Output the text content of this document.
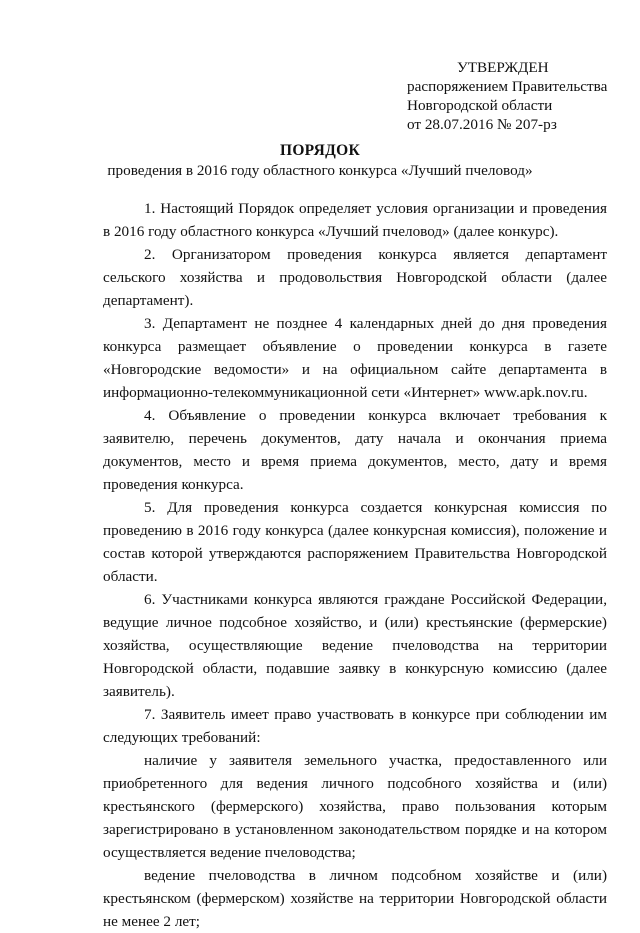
УТВЕРЖДЕН
распоряжением Правительства
Новгородской области
от 28.07.2016 № 207-рз
ПОРЯДОК
проведения в 2016 году областного конкурса «Лучший пчеловод»

1. Настоящий Порядок определяет условия организации и проведения в 2016 году областного конкурса «Лучший пчеловод» (далее конкурс).

2. Организатором проведения конкурса является департамент сельского хозяйства и продовольствия Новгородской области (далее департамент).

3. Департамент не позднее 4 календарных дней до дня проведения конкурса размещает объявление о проведении конкурса в газете «Новгородские ведомости» и на официальном сайте департамента в информационно-телекоммуникационной сети «Интернет» www.apk.nov.ru.

4. Объявление о проведении конкурса включает требования к заявителю, перечень документов, дату начала и окончания приема документов, место и время приема документов, место, дату и время проведения конкурса.

5. Для проведения конкурса создается конкурсная комиссия по проведению в 2016 году конкурса (далее конкурсная комиссия), положение и состав которой утверждаются распоряжением Правительства Новгородской области.

6. Участниками конкурса являются граждане Российской Федерации, ведущие личное подсобное хозяйство, и (или) крестьянские (фермерские) хозяйства, осуществляющие ведение пчеловодства на территории Новгородской области, подавшие заявку в конкурсную комиссию (далее заявитель).

7. Заявитель имеет право участвовать в конкурсе при соблюдении им следующих требований:

наличие у заявителя земельного участка, предоставленного или приобретенного для ведения личного подсобного хозяйства и (или) крестьянского (фермерского) хозяйства, право пользования которым зарегистрировано в установленном законодательством порядке и на котором осуществляется ведение пчеловодства;

ведение пчеловодства в личном подсобном хозяйстве и (или) крестьянском (фермерском) хозяйстве на территории Новгородской области не менее 2 лет;
